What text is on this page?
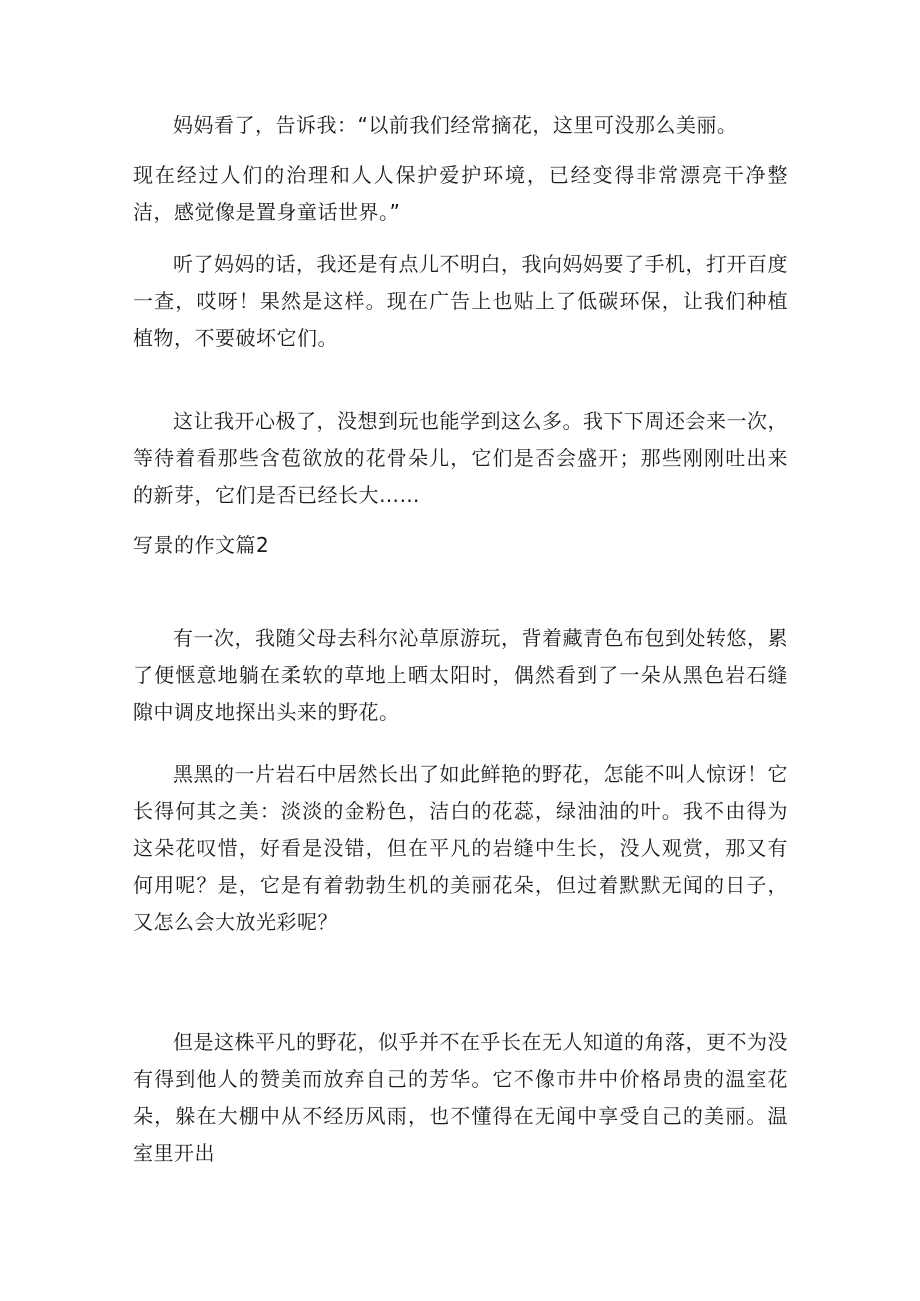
妈妈看了，告诉我：“以前我们经常摘花，这里可没那么美丽。

现在经过人们的治理和人人保护爱护环境，已经变得非常漂亮干净整洁，感觉像是置身童话世界。”

听了妈妈的话，我还是有点儿不明白，我向妈妈要了手机，打开百度一查，哎呀！果然是这样。现在广告上也贴上了低碳环保，让我们种植植物，不要破坏它们。

这让我开心极了，没想到玩也能学到这么多。我下下周还会来一次，等待着看那些含苞欲放的花骨朵儿，它们是否会盛开；那些刚刚吐出来的新芽，它们是否已经长大……

写景的作文篇2

有一次，我随父母去科尔沁草原游玩，背着藏青色布包到处转悠，累了便惬意地躺在柔软的草地上晒太阳时，偶然看到了一朵从黑色岩石缝隙中调皮地探出头来的野花。

黑黑的一片岩石中居然长出了如此鲜艳的野花，怎能不叫人惊讶！它长得何其之美：淡淡的金粉色，洁白的花蕊，绿油油的叶。我不由得为这朵花叹惜，好看是没错，但在平凡的岩缝中生长，没人观赏，那又有何用呢？是，它是有着勃勃生机的美丽花朵，但过着默默无闻的日子，又怎么会大放光彩呢？

但是这株平凡的野花，似乎并不在乎长在无人知道的角落，更不为没有得到他人的赞美而放弃自己的芳华。它不像市井中价格昂贵的温室花朵，躲在大棚中从不经历风雨，也不懂得在无闻中享受自己的美丽。温室里开出
